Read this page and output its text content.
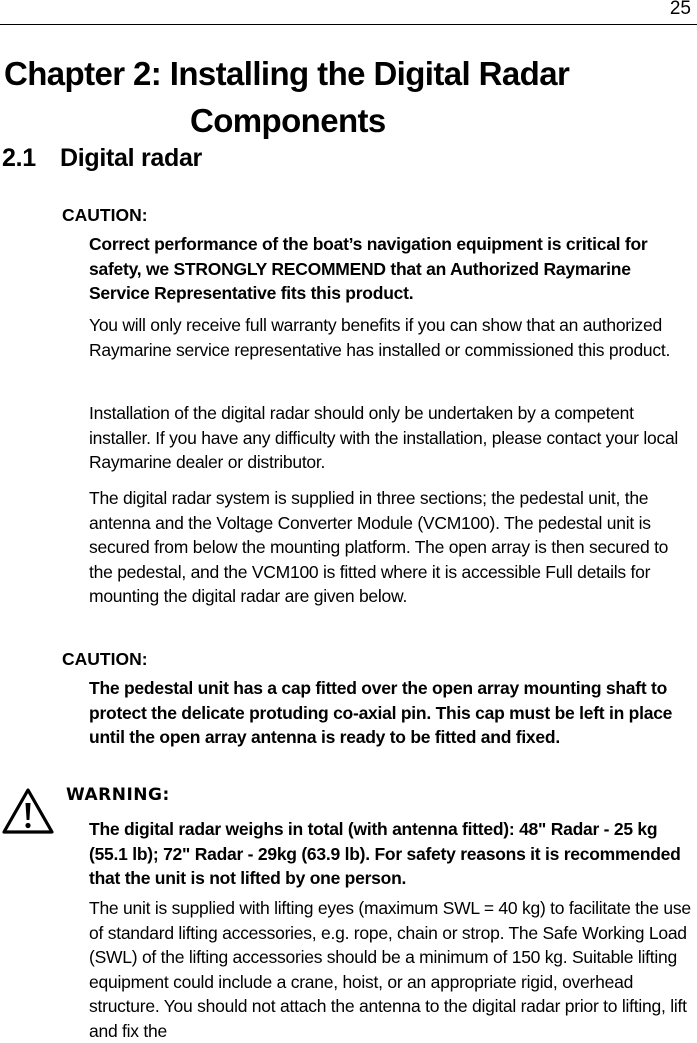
25
Chapter 2: Installing the Digital Radar
Components
2.1 Digital radar
CAUTION:

Correct performance of the boat’s navigation equipment is critical for safety, we STRONGLY RECOMMEND that an Authorized Raymarine Service Representative fits this product.

You will only receive full warranty benefits if you can show that an authorized Raymarine service representative has installed or commissioned this product.

Installation of the digital radar should only be undertaken by a competent installer. If you have any difficulty with the installation, please contact your local Raymarine dealer or distributor.

The digital radar system is supplied in three sections; the pedestal unit, the antenna and the Voltage Converter Module (VCM100). The pedestal unit is secured from below the mounting platform. The open array is then secured to the pedestal, and the VCM100 is fitted where it is accessible Full details for mounting the digital radar are given below.

CAUTION:

The pedestal unit has a cap fitted over the open array mounting shaft to protect the delicate protuding co-axial pin. This cap must be left in place until the open array antenna is ready to be fitted and fixed.

WARNING:

The digital radar weighs in total (with antenna fitted): 48" Radar - 25 kg (55.1 lb); 72" Radar - 29kg (63.9 lb). For safety reasons it is recommended that the unit is not lifted by one person.

The unit is supplied with lifting eyes (maximum SWL = 40 kg) to facilitate the use of standard lifting accessories, e.g. rope, chain or strop. The Safe Working Load (SWL) of the lifting accessories should be a minimum of 150 kg. Suitable lifting equipment could include a crane, hoist, or an appropriate rigid, overhead structure. You should not attach the antenna to the digital radar prior to lifting, lift and fix the
